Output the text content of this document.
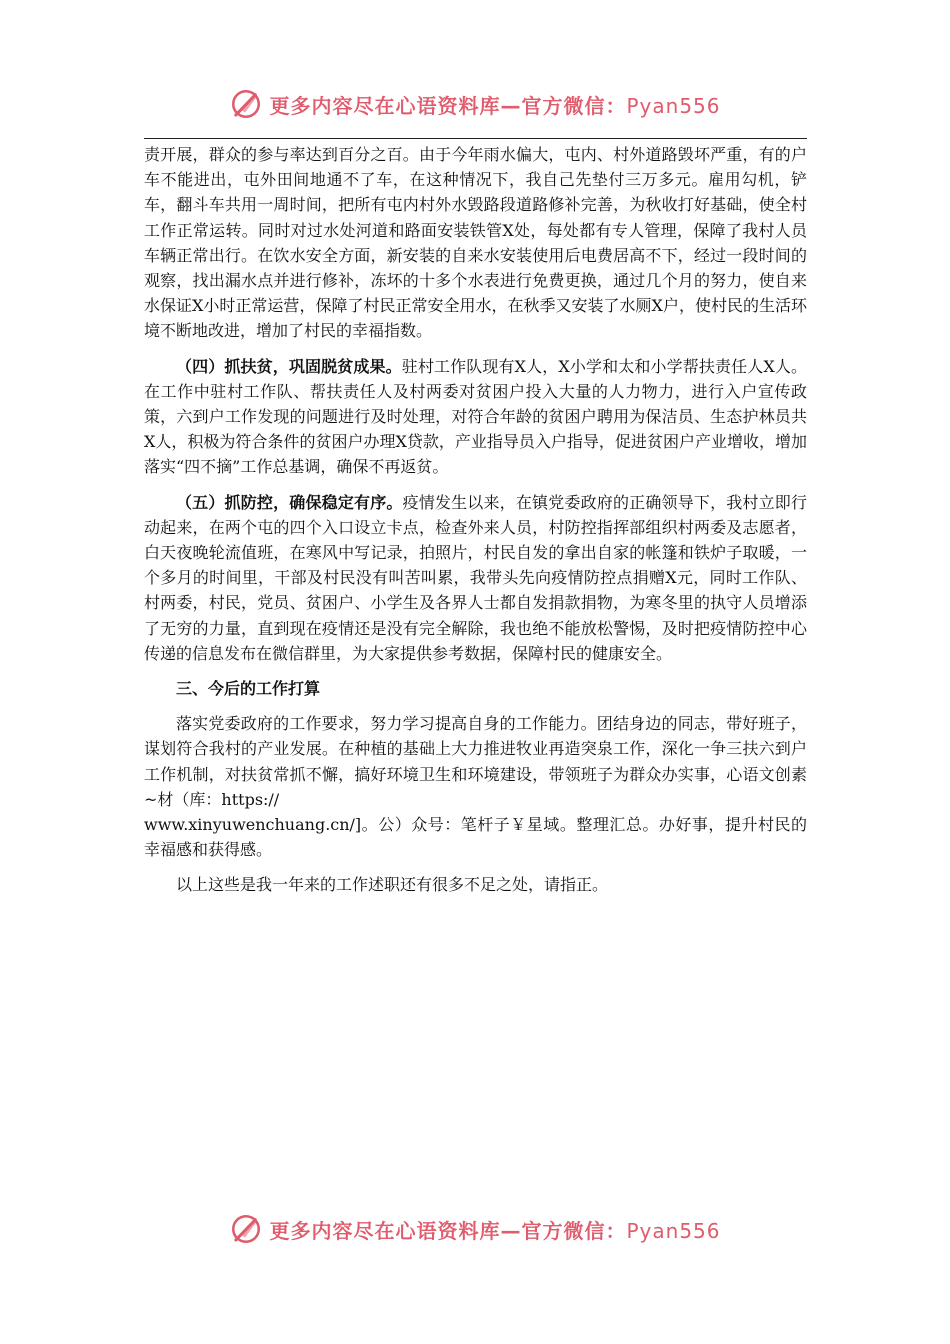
更多内容尽在心语资料库—官方微信：Pyan556

责开展，群众的参与率达到百分之百。由于今年雨水偏大，屯内、村外道路毁坏严重，有的户车不能进出，屯外田间地通不了车，在这种情况下，我自己先垫付三万多元。雇用勾机，铲车，翻斗车共用一周时间，把所有屯内村外水毁路段道路修补完善，为秋收打好基础，使全村工作正常运转。同时对过水处河道和路面安装铁管X处，每处都有专人管理，保障了我村人员车辆正常出行。在饮水安全方面，新安装的自来水安装使用后电费居高不下，经过一段时间的观察，找出漏水点并进行修补，冻坏的十多个水表进行免费更换，通过几个月的努力，使自来水保证X小时正常运营，保障了村民正常安全用水，在秋季又安装了水厕X户，使村民的生活环境不断地改进，增加了村民的幸福指数。

（四）抓扶贫，巩固脱贫成果。驻村工作队现有X人，X小学和太和小学帮扶责任人X人。在工作中驻村工作队、帮扶责任人及村两委对贫困户投入大量的人力物力，进行入户宣传政策，六到户工作发现的问题进行及时处理，对符合年龄的贫困户聘用为保洁员、生态护林员共X人，积极为符合条件的贫困户办理X贷款，产业指导员入户指导，促进贫困户产业增收，增加落实“四不摘”工作总基调，确保不再返贫。

（五）抓防控，确保稳定有序。疫情发生以来，在镇党委政府的正确领导下，我村立即行动起来，在两个屯的四个入口设立卡点，检查外来人员，村防控指挥部组织村两委及志愿者，白天夜晚轮流值班，在寒风中写记录，拍照片，村民自发的拿出自家的帐篷和铁炉子取暖，一个多月的时间里，干部及村民没有叫苦叫累，我带头先向疫情防控点捐赠X元，同时工作队、村两委，村民，党员、贫困户、小学生及各界人士都自发捐款捐物，为寒冬里的执守人员增添了无穷的力量，直到现在疫情还是没有完全解除，我也绝不能放松警惕，及时把疫情防控中心传递的信息发布在微信群里，为大家提供参考数据，保障村民的健康安全。

三、今后的工作打算

落实党委政府的工作要求，努力学习提高自身的工作能力。团结身边的同志，带好班子，谋划符合我村的产业发展。在种植的基础上大力推进牧业再造突泉工作，深化一争三扶六到户工作机制，对扶贫常抓不懈，搞好环境卫生和环境建设，带领班子为群众办实事，心语文创素~材（库：https://

www.xinyuwenchuang.cn/]。公）众号：笔杆子￥星域。整理汇总。办好事，提升村民的幸福感和获得感。

以上这些是我一年来的工作述职还有很多不足之处，请指正。

更多内容尽在心语资料库—官方微信：Pyan556
